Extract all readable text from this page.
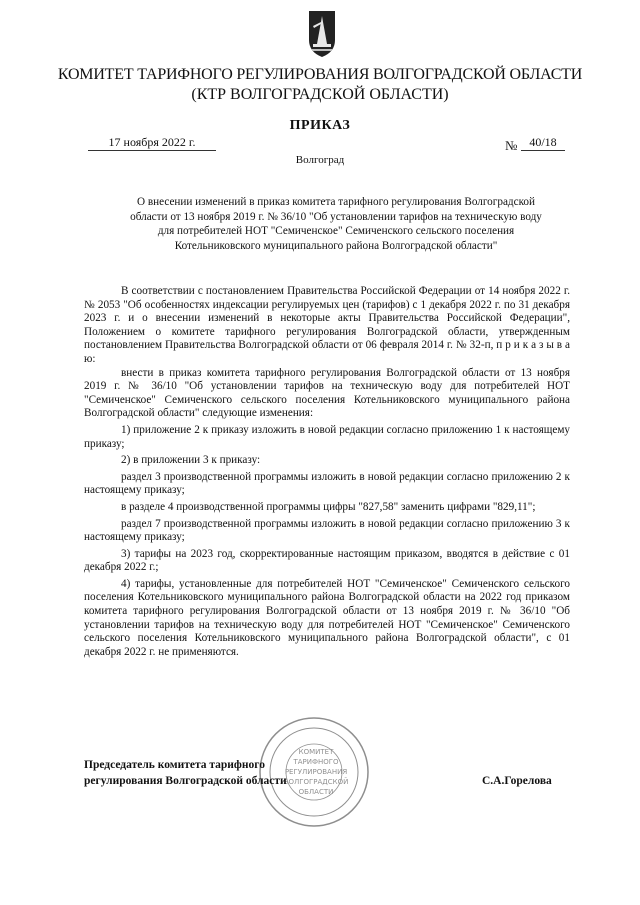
КОМИТЕТ ТАРИФНОГО РЕГУЛИРОВАНИЯ ВОЛГОГРАДСКОЙ ОБЛАСТИ
(КТР ВОЛГОГРАДСКОЙ ОБЛАСТИ)
ПРИКАЗ
17 ноября 2022 г.	№ 40/18
Волгоград
О внесении изменений в приказ комитета тарифного регулирования Волгоградской
области от 13 ноября 2019 г. № 36/10 "Об установлении тарифов на техническую воду
для потребителей НОТ "Семиченское" Семиченского сельского поселения
Котельниковского муниципального района Волгоградской области"

В соответствии с постановлением Правительства Российской Федерации от 14 ноября 2022 г. № 2053 "Об особенностях индексации регулируемых цен (тарифов) с 1 декабря 2022 г. по 31 декабря 2023 г. и о внесении изменений в некоторые акты Правительства Российской Федерации", Положением о комитете тарифного регулирования Волгоградской области, утвержденным постановлением Правительства Волгоградской области от 06 февраля 2014 г. № 32-п, п р и к а з ы в а ю:

внести в приказ комитета тарифного регулирования Волгоградской области от 13 ноября 2019 г. № 36/10 "Об установлении тарифов на техническую воду для потребителей НОТ "Семиченское" Семиченского сельского поселения Котельниковского муниципального района Волгоградской области" следующие изменения:

1) приложение 2 к приказу изложить в новой редакции согласно приложению 1 к настоящему приказу;

2) в приложении 3 к приказу:

раздел 3 производственной программы изложить в новой редакции согласно приложению 2 к настоящему приказу;

в разделе 4 производственной программы цифры "827,58" заменить цифрами "829,11";

раздел 7 производственной программы изложить в новой редакции согласно приложению 3 к настоящему приказу;

3) тарифы на 2023 год, скорректированные настоящим приказом, вводятся в действие с 01 декабря 2022 г.;

4) тарифы, установленные для потребителей НОТ "Семиченское" Семиченского сельского поселения Котельниковского муниципального района Волгоградской области на 2022 год приказом комитета тарифного регулирования Волгоградской области от 13 ноября 2019 г. № 36/10 "Об установлении тарифов на техническую воду для потребителей НОТ "Семиченское" Семиченского сельского поселения Котельниковского муниципального района Волгоградской области", с 01 декабря 2022 г. не применяются.

КОМИТЕТ
ТАРИФНОГО
РЕГУЛИРОВАНИЯ
ВОЛГОГРАДСКОЙ
ОБЛАСТИ
Председатель комитета тарифного
регулирования Волгоградской области	С.А.Горелова
